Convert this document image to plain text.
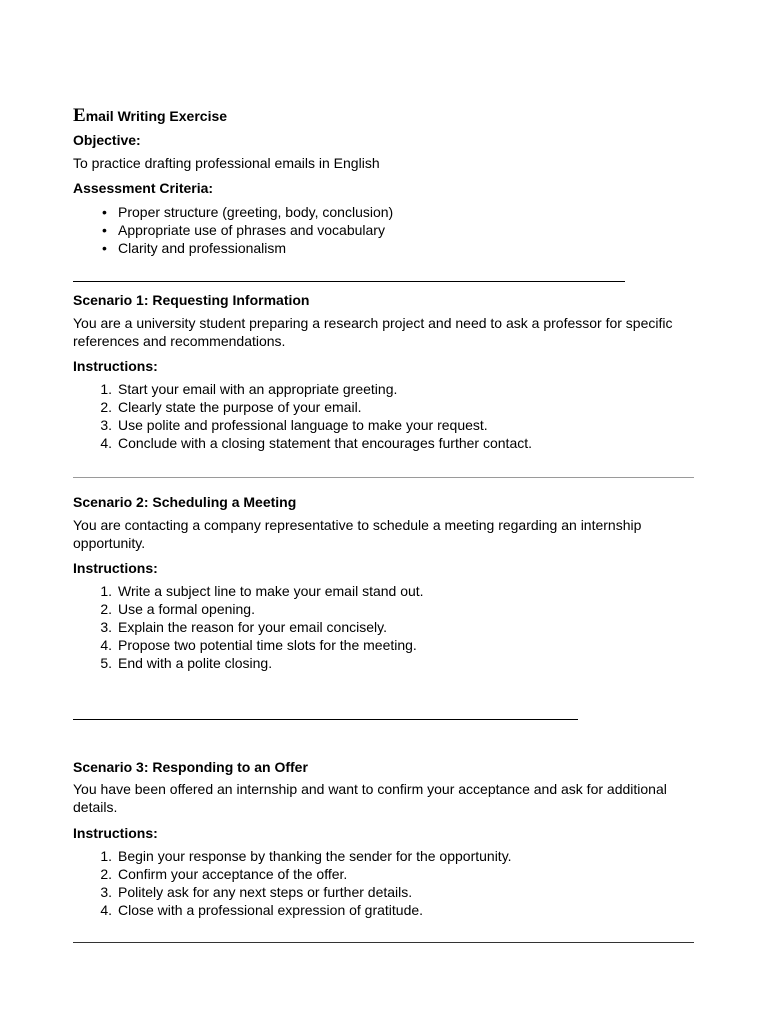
Email Writing Exercise
Objective:
To practice drafting professional emails in English
Assessment Criteria:
• Proper structure (greeting, body, conclusion)
• Appropriate use of phrases and vocabulary
• Clarity and professionalism
Scenario 1: Requesting Information
You are a university student preparing a research project and need to ask a professor for specific references and recommendations.
Instructions:
1. Start your email with an appropriate greeting.
2. Clearly state the purpose of your email.
3. Use polite and professional language to make your request.
4. Conclude with a closing statement that encourages further contact.
Scenario 2: Scheduling a Meeting
You are contacting a company representative to schedule a meeting regarding an internship opportunity.
Instructions:
1. Write a subject line to make your email stand out.
2. Use a formal opening.
3. Explain the reason for your email concisely.
4. Propose two potential time slots for the meeting.
5. End with a polite closing.
Scenario 3: Responding to an Offer
You have been offered an internship and want to confirm your acceptance and ask for additional details.
Instructions:
1. Begin your response by thanking the sender for the opportunity.
2. Confirm your acceptance of the offer.
3. Politely ask for any next steps or further details.
4. Close with a professional expression of gratitude.
